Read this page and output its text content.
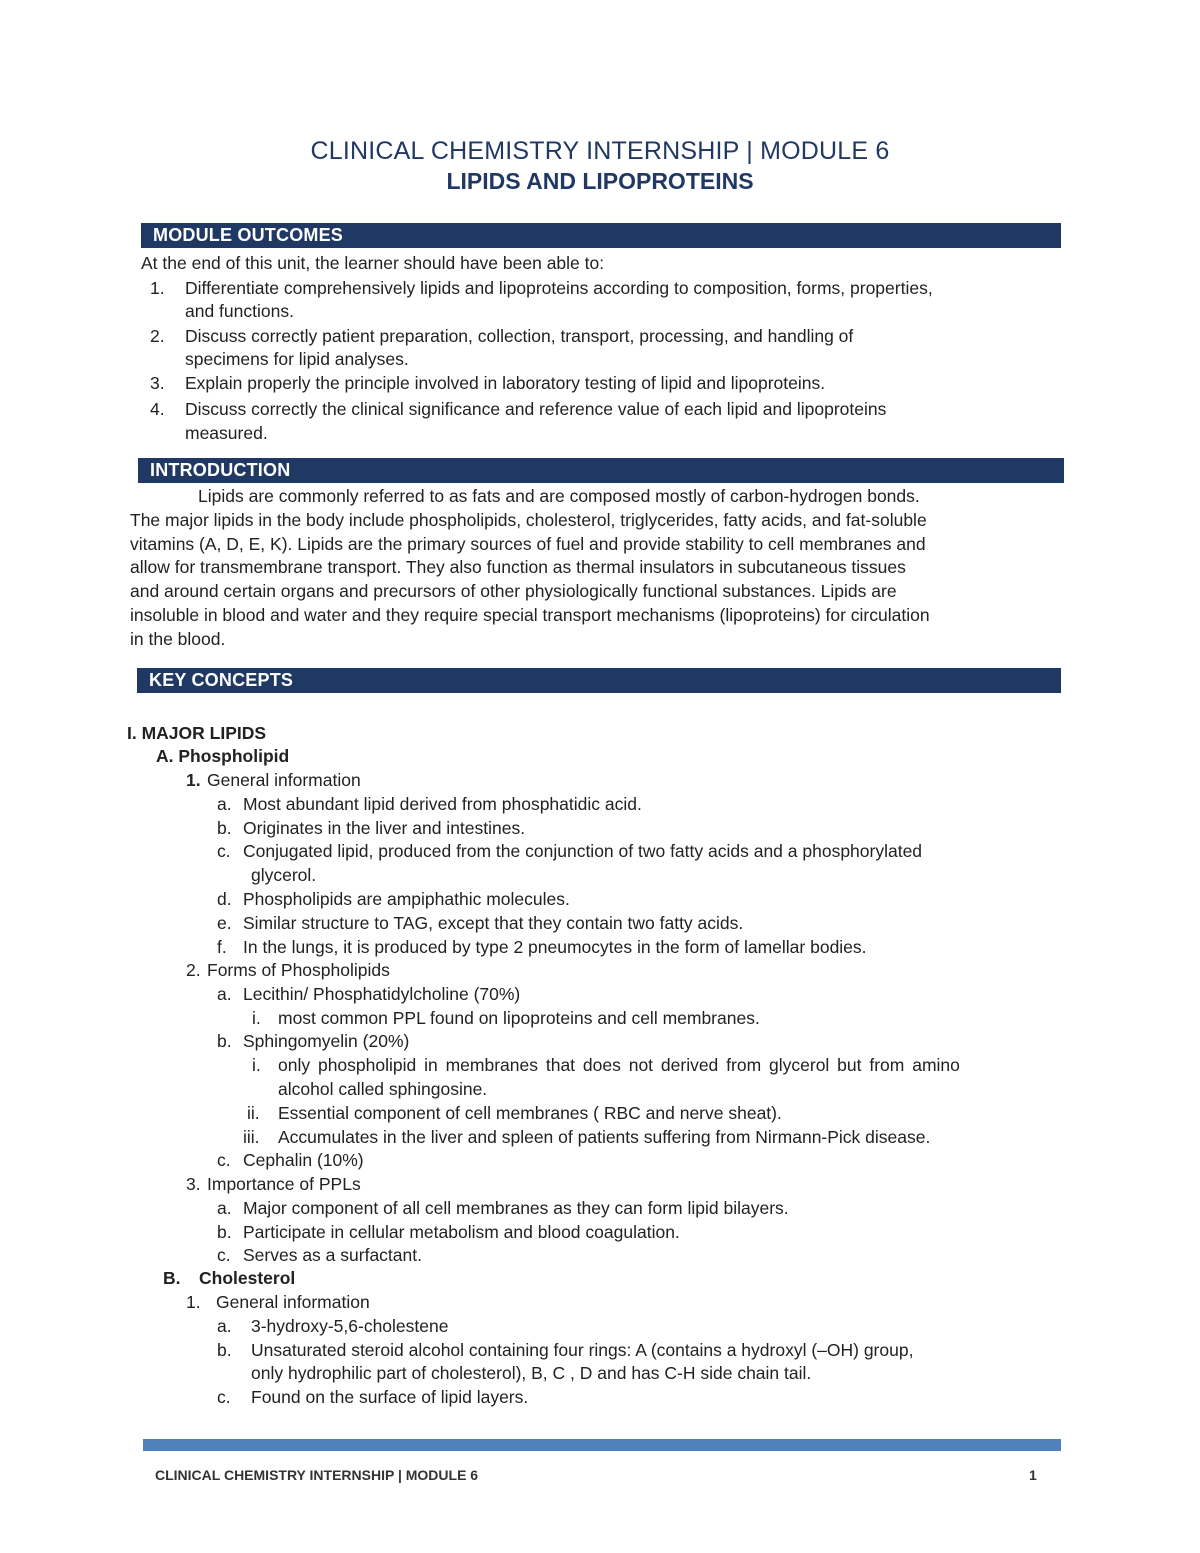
CLINICAL CHEMISTRY INTERNSHIP | MODULE 6
LIPIDS AND LIPOPROTEINS
MODULE OUTCOMES
At the end of this unit, the learner should have been able to:
1. Differentiate comprehensively lipids and lipoproteins according to composition, forms, properties,
and functions.
2. Discuss correctly patient preparation, collection, transport, processing, and handling of
specimens for lipid analyses.
3. Explain properly the principle involved in laboratory testing of lipid and lipoproteins.
4. Discuss correctly the clinical significance and reference value of each lipid and lipoproteins
measured.
INTRODUCTION
Lipids are commonly referred to as fats and are composed mostly of carbon-hydrogen bonds.
The major lipids in the body include phospholipids, cholesterol, triglycerides, fatty acids, and fat-soluble
vitamins (A, D, E, K). Lipids are the primary sources of fuel and provide stability to cell membranes and
allow for transmembrane transport. They also function as thermal insulators in subcutaneous tissues
and around certain organs and precursors of other physiologically functional substances. Lipids are
insoluble in blood and water and they require special transport mechanisms (lipoproteins) for circulation
in the blood.
KEY CONCEPTS
I. MAJOR LIPIDS
A. Phospholipid
1. General information
a. Most abundant lipid derived from phosphatidic acid.
b. Originates in the liver and intestines.
c. Conjugated lipid, produced from the conjunction of two fatty acids and a phosphorylated
glycerol.
d. Phospholipids are ampiphathic molecules.
e. Similar structure to TAG, except that they contain two fatty acids.
f. In the lungs, it is produced by type 2 pneumocytes in the form of lamellar bodies.
2. Forms of Phospholipids
a. Lecithin/ Phosphatidylcholine (70%)
i. most common PPL found on lipoproteins and cell membranes.
b. Sphingomyelin (20%)
i. only phospholipid in membranes that does not derived from glycerol but from amino
alcohol called sphingosine.
ii. Essential component of cell membranes ( RBC and nerve sheat).
iii. Accumulates in the liver and spleen of patients suffering from Nirmann-Pick disease.
c. Cephalin (10%)
3. Importance of PPLs
a. Major component of all cell membranes as they can form lipid bilayers.
b. Participate in cellular metabolism and blood coagulation.
c. Serves as a surfactant.
B. Cholesterol
1. General information
a. 3-hydroxy-5,6-cholestene
b. Unsaturated steroid alcohol containing four rings: A (contains a hydroxyl (–OH) group,
only hydrophilic part of cholesterol), B, C , D and has C-H side chain tail.
c. Found on the surface of lipid layers.
CLINICAL CHEMISTRY INTERNSHIP | MODULE 6	1
